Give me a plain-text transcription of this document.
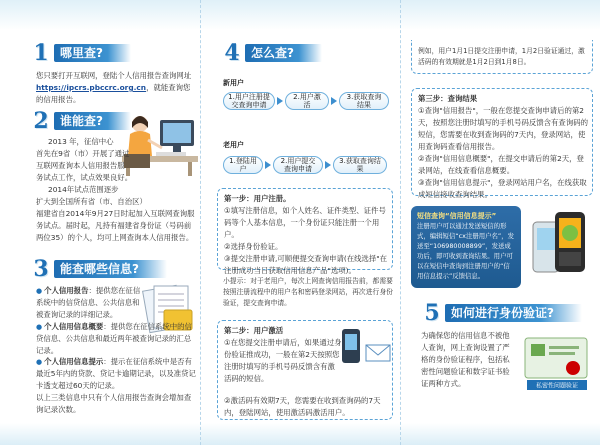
1 哪里查?
您只要打开互联网，登陆个人信用报告查询网址 https://ipcrs.pbccrc.org.cn，就能查询您的信用报告。
2 谁能查?
2013 年，征信中心
首先在9省（市）开展了通过
互联网查询本人信用报告服
务试点工作，试点效果良好。
2014年试点范围逐步
扩大到全国所有省（市、自治区）
福建省自2014年9月27日时起加入互联网查询服
务试点。届时起，凡持有福建省身份证（号码前
两位35）的个人，均可上网查询本人信用报告。
3 能查哪些信息?
● 个人信用报告：提供您在征信系统中的信贷信息、公共信息和被查询记录的详细记录。
● 个人信用信息概要：提供您在征信系统中的信贷信息、公共信息和最近两年被查询记录的汇总记录。
● 个人信用信息提示：提示在征信系统中是否有最近5年内的贷款、贷记卡逾期记录，以及准贷记卡透支超过60天的记录。
以上三类信息中只有个人信用报告查询会增加查询记录次数。
4 怎么查?
新用户
1.用户注册提交查询申请
2.用户激活
3.获取查询结果
老用户
1.登陆用户
2.用户提交查询申请
3.获取查询结果
第一步：用户注册。
①填写注册信息，如个人姓名、证件类型、证件号码等个人基本信息，一个身份证只能注册一个用户。
②选择身份验证。
③提交注册申请,可顺便提交查询申请(在线选择"在注册成功当日获取信用信息产品"选项)。
小提示：对于老用户，每次上网查询信用报告前，都需要按照注册流程中的用户名和密码登录网站，再次进行身份验证，提交查询申请。
第二步：用户激活
①在您提交注册申请后，如果通过身份验证推成功，一般在第2天按照您注册时填写的手机号码反馈含有激活码的短信。
②激活码有效期7天，您需要在收到查询码的7天内，登陆网站，使用激活码激活用户。
例如，用户1月1日提交注册申请，1月2日验证通过，激活码的有效期就是1月2日到1月8日。
第三步：查询结果
①查询"信用报告"，一般在您提交查询申请后的第2天，按照您注册时填写的手机号码反馈含有查询码的短信，您需要在收到查询码的7天内，登录网站，使用查询码查看信用报告。
②查询"信用信息概要"，在提交申请后的第2天，登录网站，在线查看信息概要。
③查询"信用信息提示"，登录网站用户名，在线获取成短信接收查询结果。
短信查询“信用信息提示”
注册用户可以通过发送短信的形式，编辑短信“cx注册用户名”，发送至“106980008899”，发送成功后，即可收到查询结果。用户可以在短信中查询到注册用户的“信用信息提示”反馈信息。
5 如何进行身份验证?
为确保您的信用信息不被他人查询，网上查询设置了严格的身份验证程序，包括私密性问题验证和数字证书验证两种方式。	私密性问题验证
